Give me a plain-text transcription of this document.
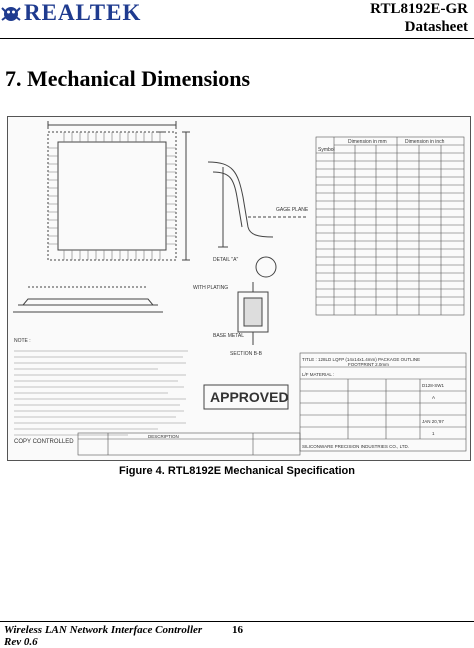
REALTEK	RTL8192E-GR
Datasheet
7. Mechanical Dimensions
Symbol
Dimension in mm	Dimension in inch
NOTE :
APPROVED
TITLE : 128LD LQFP (14x14x1.4mm) PACKAGE OUTLINE
FOOTPRINT 2.0mm
L/F MATERIAL :
D128-SW1
A
JAN 20,'97
1
SILICONWARE PRECISION INDUSTRIES CO., LTD.
DESCRIPTION
COPY CONTROLLED
DETAIL "A"
WITH PLATING
BASE METAL
SECTION B-B
GAGE PLANE
Figure 4. RTL8192E Mechanical Specification
Wireless LAN Network Interface Controller
Rev 0.6
16
